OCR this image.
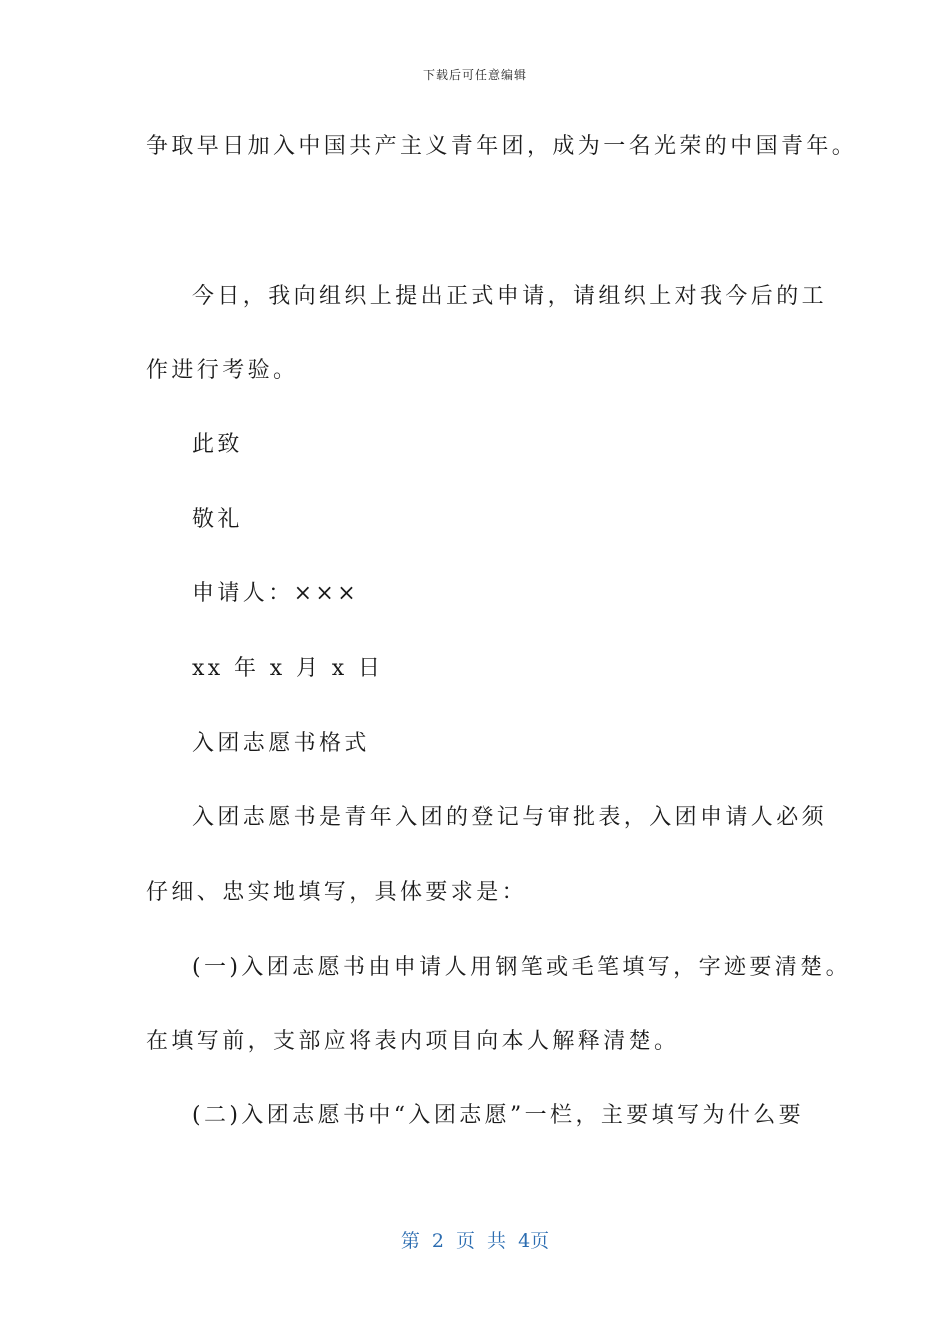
下载后可任意编辑
争取早日加入中国共产主义青年团，成为一名光荣的中国青年。
今日，我向组织上提出正式申请，请组织上对我今后的工
作进行考验。
此致
敬礼
申请人：×××
xx 年 x 月 x 日
入团志愿书格式
入团志愿书是青年入团的登记与审批表，入团申请人必须
仔细、忠实地填写，具体要求是：
(一)入团志愿书由申请人用钢笔或毛笔填写，字迹要清楚。
在填写前，支部应将表内项目向本人解释清楚。
(二)入团志愿书中“入团志愿”一栏，主要填写为什么要
第 2 页 共 4页
